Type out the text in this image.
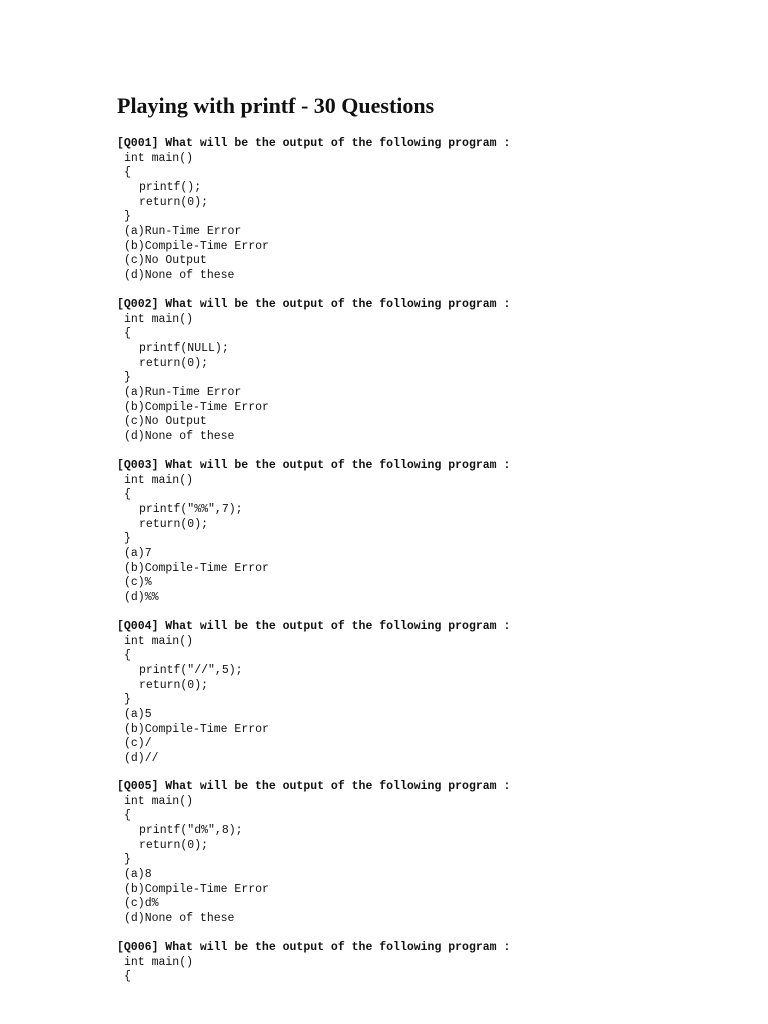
Playing with printf - 30 Questions
[Q001] What will be the output of the following program :
int main()
{
printf();
return(0);
}
(a)Run-Time Error
(b)Compile-Time Error
(c)No Output
(d)None of these
[Q002] What will be the output of the following program :
int main()
{
printf(NULL);
return(0);
}
(a)Run-Time Error
(b)Compile-Time Error
(c)No Output
(d)None of these
[Q003] What will be the output of the following program :
int main()
{
printf("%%",7);
return(0);
}
(a)7
(b)Compile-Time Error
(c)%
(d)%%
[Q004] What will be the output of the following program :
int main()
{
printf("//",5);
return(0);
}
(a)5
(b)Compile-Time Error
(c)/
(d)//
[Q005] What will be the output of the following program :
int main()
{
printf("d%",8);
return(0);
}
(a)8
(b)Compile-Time Error
(c)d%
(d)None of these
[Q006] What will be the output of the following program :
int main()
{
